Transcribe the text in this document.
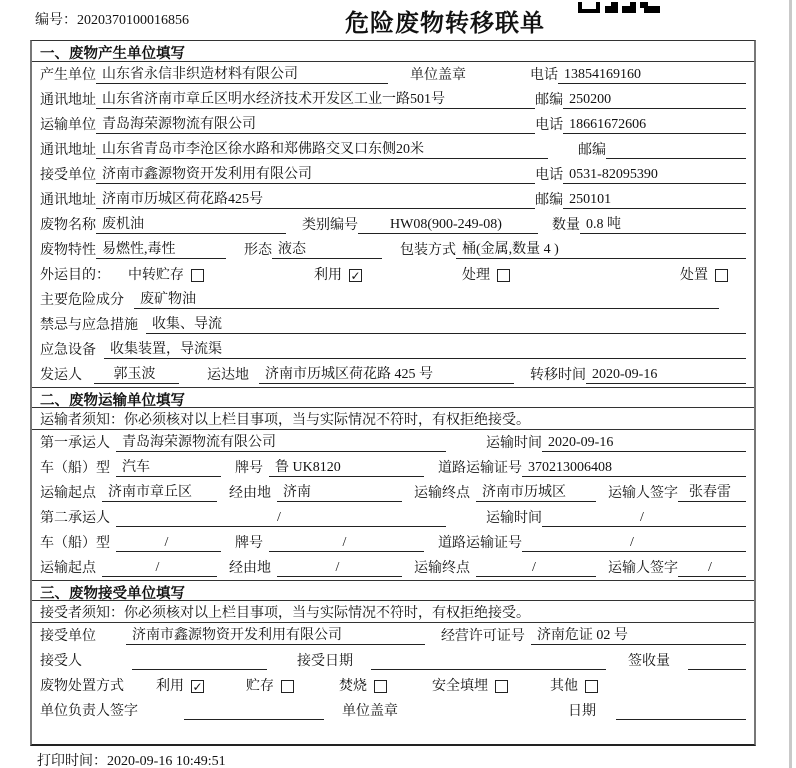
编号：2020370100016856	危险废物转移联单
一、废物产生单位填写
产生单位 山东省永信非织造材料有限公司	单位盖章	电话 13854169160
通讯地址 山东省济南市章丘区明水经济技术开发区工业一路501号	邮编 250200
运输单位 青岛海荣源物流有限公司	电话 18661672606
通讯地址 山东省青岛市李沧区徐水路和郑佛路交叉口东侧20米	邮编
接受单位 济南市鑫源物资开发利用有限公司	电话 0531-82095390
通讯地址 济南市历城区荷花路425号	邮编 250101
废物名称 废机油	类别编号	HW08(900-249-08)	数量 0.8 吨
废物特性 易燃性,毒性	形态 液态	包装方式 桶(金属,数量 4 )
外运目的： 中转贮存	利用 ✓	处理	处置
主要危险成分	废矿物油
禁忌与应急措施	收集、导流
应急设备	收集装置，导流渠
发运人	郭玉波	运达地	济南市历城区荷花路 425 号	转移时间 2020-09-16
二、废物运输单位填写
运输者须知：你必须核对以上栏目事项，当与实际情况不符时，有权拒绝接受。
第一承运人 青岛海荣源物流有限公司	运输时间 2020-09-16
车（船）型 汽车	牌号 鲁 UK8120	道路运输证号 370213006408
运输起点 济南市章丘区	经由地 济南	运输终点 济南市历城区	运输人签字 张春雷
第二承运人	/	运输时间	/
车（船）型	/	牌号	/	道路运输证号	/
运输起点	/	经由地	/	运输终点	/	运输人签字	/
三、废物接受单位填写
接受者须知：你必须核对以上栏目事项，当与实际情况不符时，有权拒绝接受。
接受单位	济南市鑫源物资开发利用有限公司	经营许可证号 济南危证 02 号
接受人	接受日期	签收量
废物处置方式 利用 ✓	贮存	焚烧	安全填埋	其他
单位负责人签字	单位盖章	日期
打印时间：2020-09-16 10:49:51
